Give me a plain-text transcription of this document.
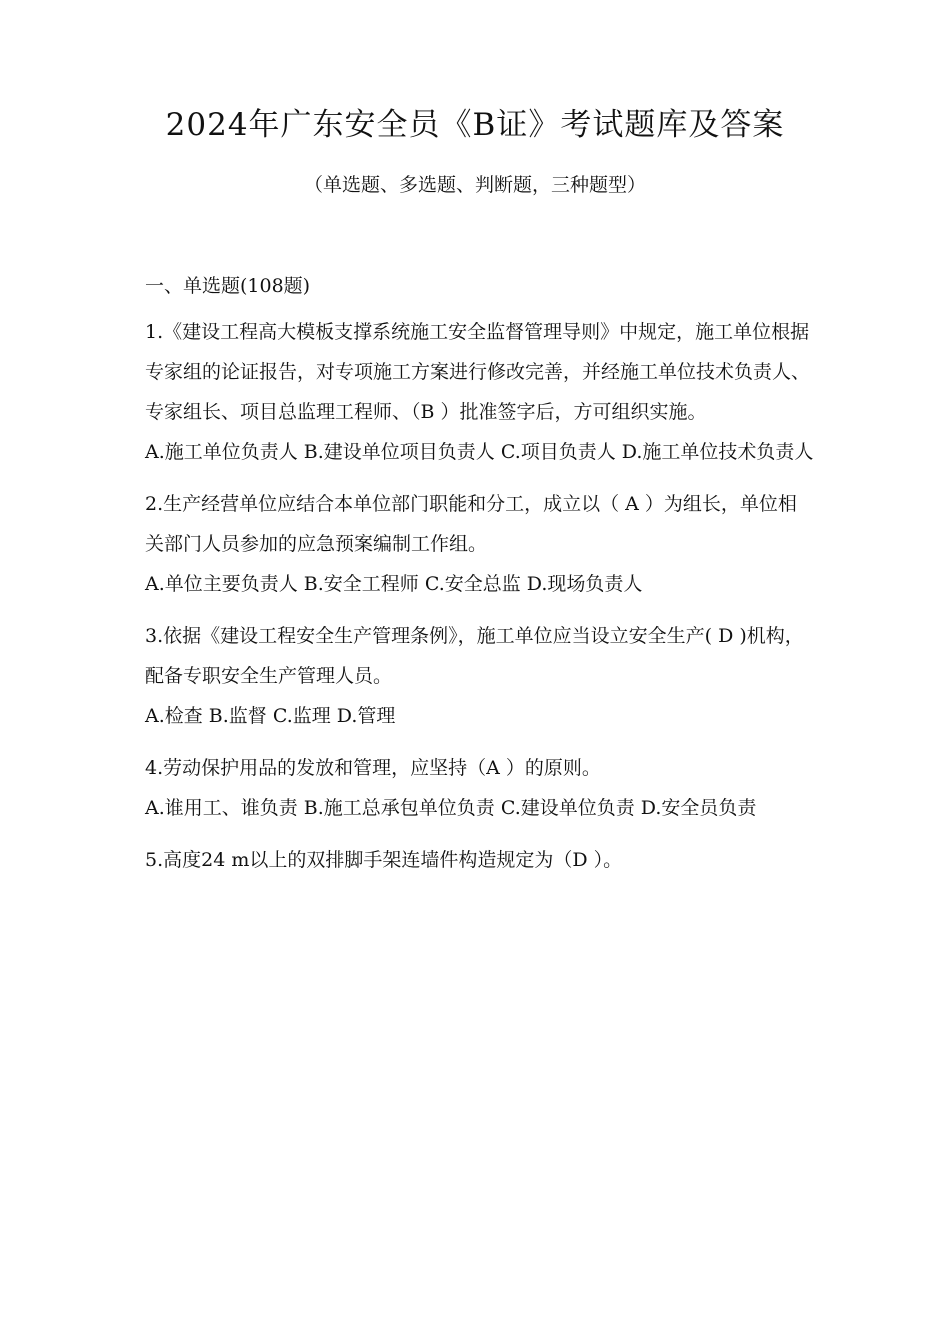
2024年广东安全员《B证》考试题库及答案
（单选题、多选题、判断题，三种题型）
一、单选题(108题)

1.《建设工程高大模板支撑系统施工安全监督管理导则》中规定，施工单位根据专家组的论证报告，对专项施工方案进行修改完善，并经施工单位技术负责人、专家组长、项目总监理工程师、（B ）批准签字后，方可组织实施。

A.施工单位负责人 B.建设单位项目负责人 C.项目负责人 D.施工单位技术负责人

2.生产经营单位应结合本单位部门职能和分工，成立以（ A ）为组长，单位相关部门人员参加的应急预案编制工作组。

A.单位主要负责人 B.安全工程师 C.安全总监 D.现场负责人

3.依据《建设工程安全生产管理条例》，施工单位应当设立安全生产( D )机构，配备专职安全生产管理人员。

A.检查 B.监督 C.监理 D.管理

4.劳动保护用品的发放和管理，应坚持（A ）的原则。

A.谁用工、谁负责 B.施工总承包单位负责 C.建设单位负责 D.安全员负责

5.高度24 m以上的双排脚手架连墙件构造规定为（D ）。
